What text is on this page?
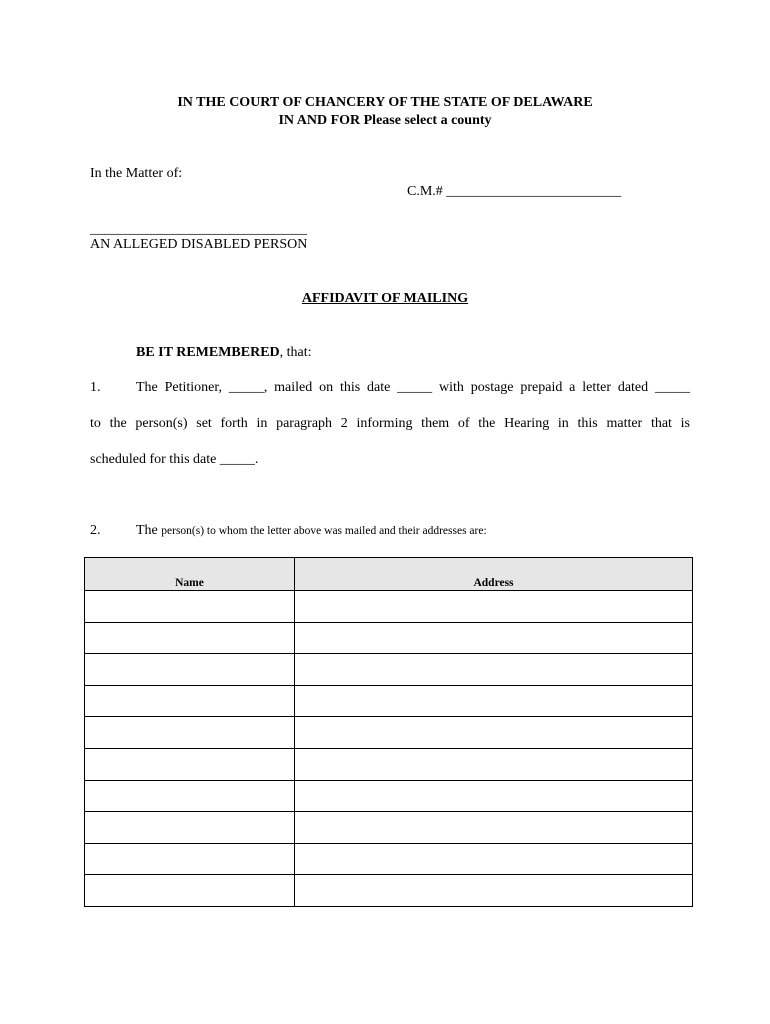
IN THE COURT OF CHANCERY OF THE STATE OF DELAWARE
IN AND FOR Please select a county
In the Matter of:
C.M.# _________________________
_______________________________
AN ALLEGED DISABLED PERSON
AFFIDAVIT OF MAILING
BE IT REMEMBERED, that:
1.	The Petitioner, _____, mailed on this date _____ with postage prepaid a letter dated _____
to the person(s) set forth in paragraph 2 informing them of the Hearing in this matter that is
scheduled for this date _____.
2.	The person(s) to whom the letter above was mailed and their addresses are:
Name	Address
